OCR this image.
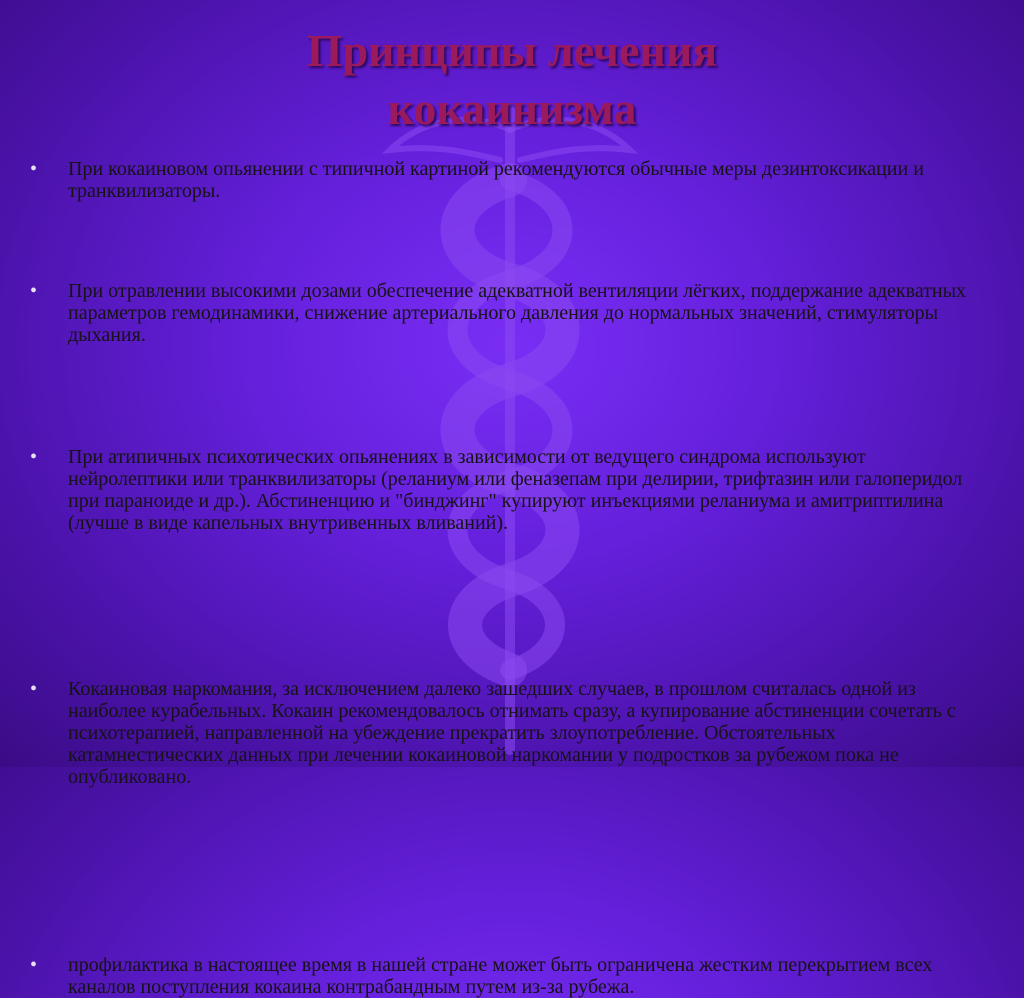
Принципы лечения
кокаинизма
• При кокаиновом опьянении с типичной картиной рекомендуются обычные меры дезинтоксикации и транквилизаторы.
• При отравлении высокими дозами обеспечение адекватной вентиляции лёгких, поддержание адекватных параметров гемодинамики, снижение артериального давления до нормальных значений, стимуляторы дыхания.
• При атипичных психотических опьянениях в зависимости от ведущего синдрома используют нейролептики или транквилизаторы (реланиум или феназепам при делирии, трифтазин или галоперидол при параноиде и др.). Абстиненцию и "бинджинг" купируют инъекциями реланиума и амитриптилина (лучше в виде капельных внутривенных вливаний).
• Кокаиновая наркомания, за исключением далеко зашедших случаев, в прошлом считалась одной из наиболее курабельных. Кокаин рекомендовалось отнимать сразу, а купирование абстиненции сочетать с психотерапией, направленной на убеждение прекратить злоупотребление. Обстоятельных катамнестических данных при лечении кокаиновой наркомании у подростков за рубежом пока не опубликовано.
• профилактика в настоящее время в нашей стране может быть ограничена жестким перекрытием всех каналов поступления кокаина контрабандным путем из-за рубежа.
